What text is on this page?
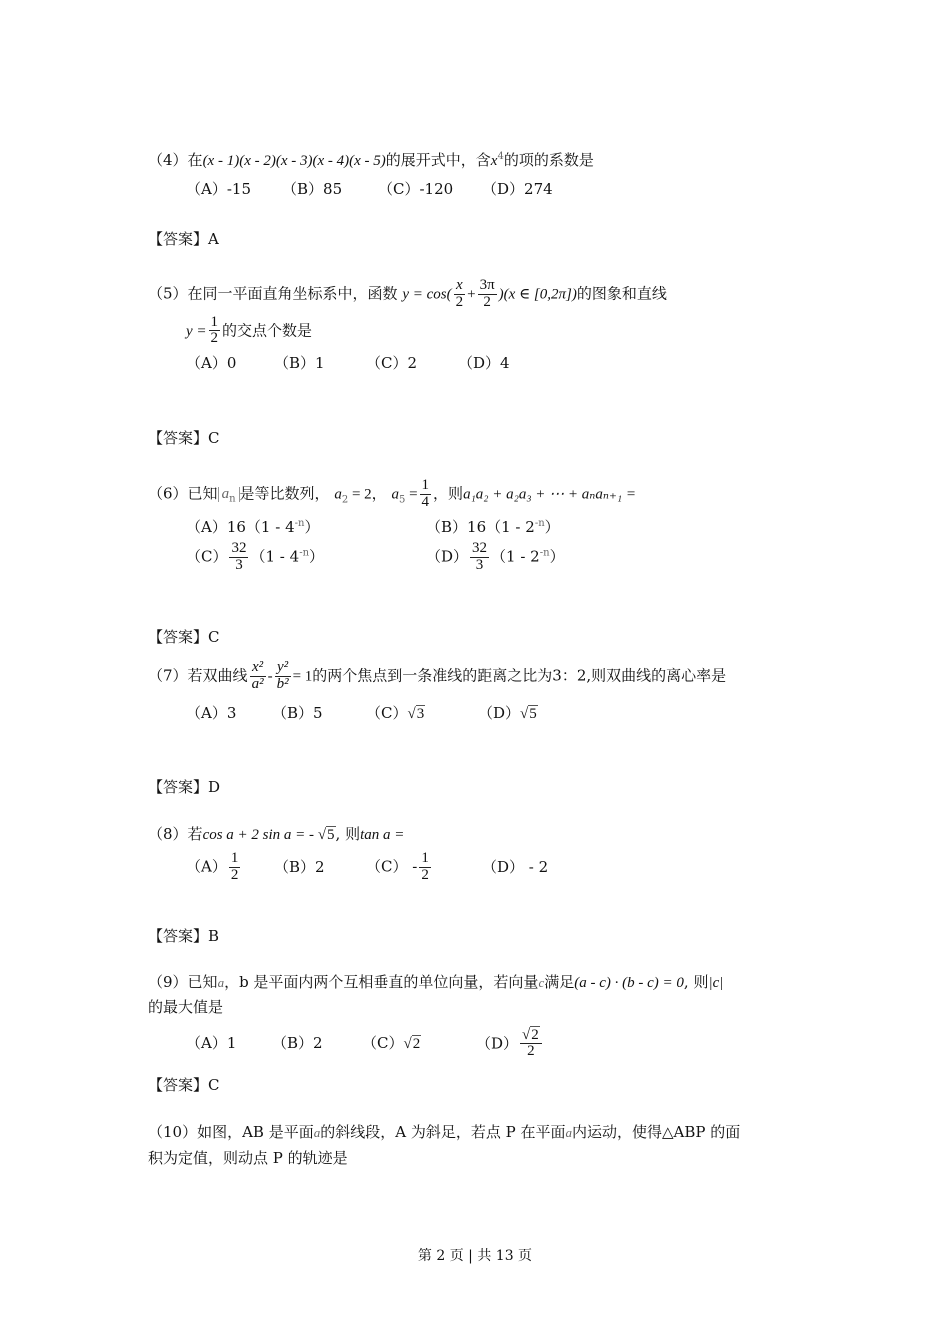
（4）在(x - 1)(x - 2)(x - 3)(x - 4)(x - 5)的展开式中，含$x^4$的项的系数是
（A）-15 （B）85 （C）-120 （D）274
【答案】A
（5）在同一平面直角坐标系中，函数 $y = \cos( \frac{x}{2} + \frac{3\pi}{2} )(x$ ∈ [0,2π])的图象和直线
$y = \frac{1}{2}$ 的交点个数是
（A）0	（B）1	（C）2	（D）4
【答案】C
（6）已知 $a_n$ 是等比数列， $a_2 = 2$， $a_5 = \frac{1}{4}$ ，则a₁a₂ + a₂a₃ + ⋯ + aₙaₙ₊₁ =
$(A)16(1 - 4^{-n})$	$(B)16(1 - 2^{-n})$
$(C) \frac{32}{3} (1 - 4^{-n})$	$(D) \frac{32}{3} (1 - 2^{-n})$
【答案】C
（7）若双曲线 $\frac{\text{x²}}{\text{a²}} - \frac{\text{y²}}{\text{b²}} = 1$的两个焦点到一条准线的距离之比为3：2,则双曲线的离心率是
（A）3 （B）5	（C）√3	（D）√5
【答案】D
（8）若cos a + 2 sin a = - √5, 则tan a =
$(A) \frac{1}{2} (B)2$	$(C) - \frac{1}{2}$	（D） - 2
【答案】B
（9）已知a，b 是平面内两个互相垂直的单位向量，若向量c满足(a - c) · (b - c) = 0, 则|c|
的最大值是
（A）1 （B）2	（C）√2	$(D) \frac{√2}{2}$
【答案】C
（10）如图，AB 是平面a的斜线段，A 为斜足，若点 P 在平面a内运动，使得△ABP 的面
积为定值，则动点 P 的轨迹是
第 2 页 | 共 13 页
